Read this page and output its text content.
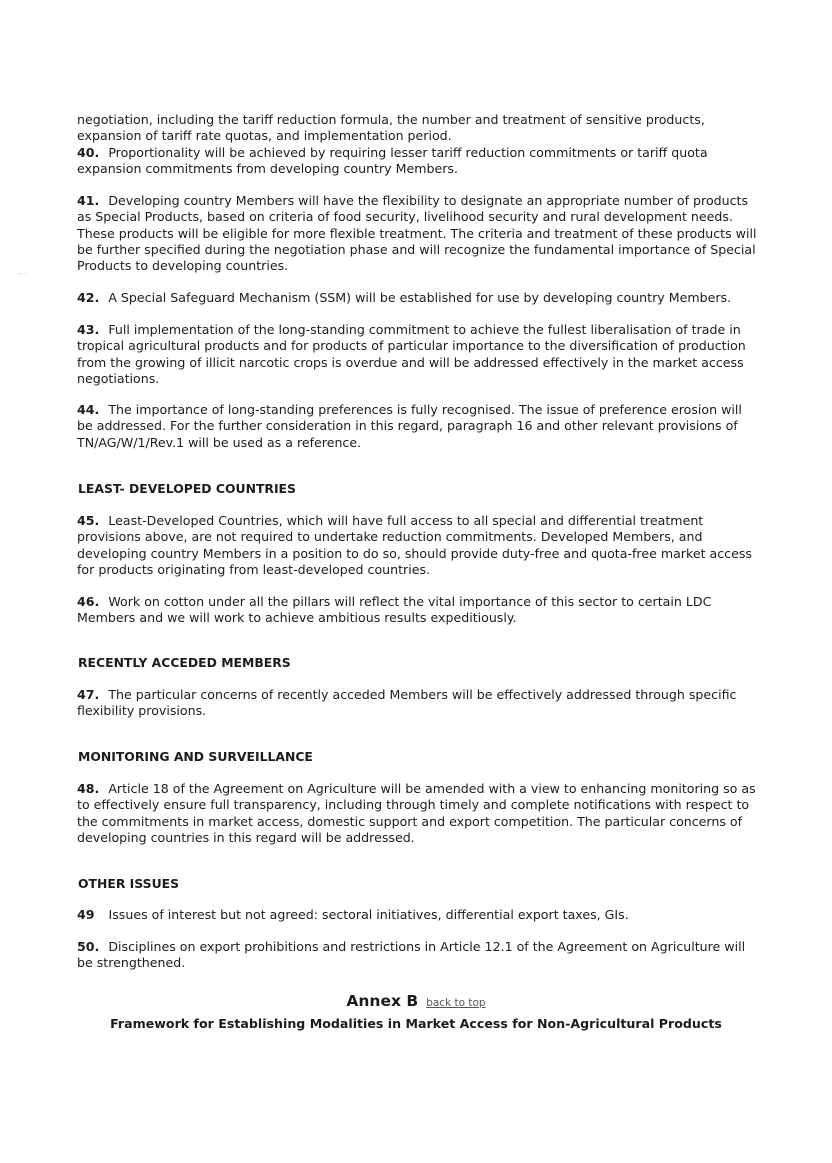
·· ·

negotiation, including the tariff reduction formula, the number and treatment of sensitive products, expansion of tariff rate quotas, and implementation period.

40. Proportionality will be achieved by requiring lesser tariff reduction commitments or tariff quota expansion commitments from developing country Members.

41. Developing country Members will have the flexibility to designate an appropriate number of products as Special Products, based on criteria of food security, livelihood security and rural development needs. These products will be eligible for more flexible treatment. The criteria and treatment of these products will be further specified during the negotiation phase and will recognize the fundamental importance of Special Products to developing countries.

42. A Special Safeguard Mechanism (SSM) will be established for use by developing country Members.

43. Full implementation of the long-standing commitment to achieve the fullest liberalisation of trade in tropical agricultural products and for products of particular importance to the diversification of production from the growing of illicit narcotic crops is overdue and will be addressed effectively in the market access negotiations.

44. The importance of long-standing preferences is fully recognised. The issue of preference erosion will be addressed. For the further consideration in this regard, paragraph 16 and other relevant provisions of TN/AG/W/1/Rev.1 will be used as a reference.

LEAST- DEVELOPED COUNTRIES

45. Least-Developed Countries, which will have full access to all special and differential treatment provisions above, are not required to undertake reduction commitments. Developed Members, and developing country Members in a position to do so, should provide duty-free and quota-free market access for products originating from least-developed countries.

46. Work on cotton under all the pillars will reflect the vital importance of this sector to certain LDC Members and we will work to achieve ambitious results expeditiously.

RECENTLY ACCEDED MEMBERS

47. The particular concerns of recently acceded Members will be effectively addressed through specific flexibility provisions.

MONITORING AND SURVEILLANCE

48. Article 18 of the Agreement on Agriculture will be amended with a view to enhancing monitoring so as to effectively ensure full transparency, including through timely and complete notifications with respect to the commitments in market access, domestic support and export competition. The particular concerns of developing countries in this regard will be addressed.

OTHER ISSUES

49 Issues of interest but not agreed: sectoral initiatives, differential export taxes, GIs.

50. Disciplines on export prohibitions and restrictions in Article 12.1 of the Agreement on Agriculture will be strengthened.

Annex B back to top
Framework for Establishing Modalities in Market Access for Non-Agricultural Products
